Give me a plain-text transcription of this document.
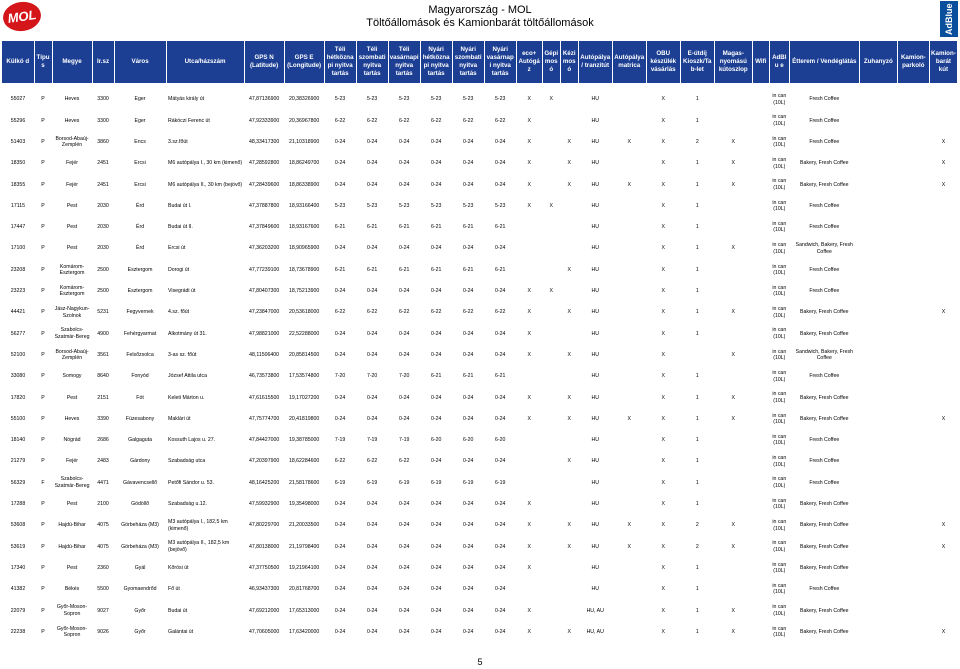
MOL	Magyarország - MOL
Töltőállomások és Kamionbarát töltőállomások	AdBlue
Külkö d	Típus	Megye	Ir.sz	Város	Utca/házszám	GPS N (Latitude)	GPS E (Longitude)	Téli hétköznapi nyitva tartás	Téli szombati nyitva tartás	Téli vasárnapi nyitva tartás	Nyári hétköznapi nyitva tartás	Nyári szombati nyitva tartás	Nyári vasárnap i nyitva tartás	eco+ Autógáz	Gépi mos ó	Kézi mos ó	Autópálya / tranzitút	Autópálya matrica	OBU készülék vásárlás	E-útdíj Kioszk/Ta b-let	Magas-nyomású kútoszlop	Wifi	AdBlu e	Étterem / Vendéglátás	Zuhanyzó	Kamion-parkoló	Kamion-barát kút

55027	P	Heves	3300	Eger	Mátyás király út	47,87136900	20,38326900	5-23	5-23	5-23	5-23	5-23	5-23	X	X		HU		X	1			in can (10L)	Fresh Coffee			
55296	P	Heves	3300	Eger	Rákóczi Ferenc út	47,92333900	20,36967800	6-22	6-22	6-22	6-22	6-22	6-22	X			HU		X	1			in can (10L)	Fresh Coffee			
51403	P	Borsod-Abaúj-Zemplén	3860	Encs	3.sz.főút	48,33417300	21,10318900	0-24	0-24	0-24	0-24	0-24	0-24	X		X	HU	X	X	2	X		in can (10L)	Fresh Coffee			X
18350	P	Fejér	2451	Ercsi	M6 autópálya I., 30 km (kimenő)	47,28592800	18,86249700	0-24	0-24	0-24	0-24	0-24	0-24	X		X	HU		X	1	X		in can (10L)	Bakery, Fresh Coffee			X
18355	P	Fejér	2451	Ercsi	M6 autópálya II., 30 km (bejövő)	47,28439600	18,86338900	0-24	0-24	0-24	0-24	0-24	0-24	X		X	HU	X	X	1	X		in can (10L)	Bakery, Fresh Coffee			X
17115	P	Pest	2030	Érd	Budai út I.	47,37887800	18,93166400	5-23	5-23	5-23	5-23	5-23	5-23	X	X		HU		X	1			in can (10L)	Fresh Coffee			
17447	P	Pest	2030	Érd	Budai út II.	47,37849600	18,93167600	6-21	6-21	6-21	6-21	6-21	6-21				HU		X	1			in can (10L)	Fresh Coffee			
17100	P	Pest	2030	Érd	Ercsi út	47,36203200	18,90965900	0-24	0-24	0-24	0-24	0-24	0-24				HU		X	1	X		in can (10L)	Sandwich, Bakery, Fresh Coffee			
23208	P	Komárom-Esztergom	2500	Esztergom	Dorogi út	47,77239100	18,73678900	6-21	6-21	6-21	6-21	6-21	6-21			X	HU		X	1			in can (10L)	Fresh Coffee			
23223	P	Komárom-Esztergom	2500	Esztergom	Visegrádi út	47,80407300	18,75213900	0-24	0-24	0-24	0-24	0-24	0-24	X	X		HU		X	1			in can (10L)	Fresh Coffee			
44421	P	Jász-Nagykun-Szolnok	5231	Fegyvernek	4.sz. főút	47,23847000	20,53618000	6-22	6-22	6-22	6-22	6-22	6-22	X		X	HU		X	1	X		in can (10L)	Bakery, Fresh Coffee			X
56277	P	Szabolcs-Szatmár-Bereg	4900	Fehérgyarmat	Alkotmány út 31.	47,98821000	22,52288000	0-24	0-24	0-24	0-24	0-24	0-24	X			HU		X	1			in can (10L)	Bakery, Fresh Coffee			
52100	P	Borsod-Abaúj-Zemplén	3561	Felsőzsolca	3-as sz. főút	48,11506400	20,85814500	0-24	0-24	0-24	0-24	0-24	0-24	X		X	HU		X		X		in can (10L)	Sandwich, Bakery, Fresh Coffee			
33080	P	Somogy	8640	Fonyód	József Attila utca	46,73573800	17,53574800	7-20	7-20	7-20	6-21	6-21	6-21				HU		X	1			in can (10L)	Fresh Coffee			
17820	P	Pest	2151	Fót	Keleti Márton u.	47,61615500	19,17027200	0-24	0-24	0-24	0-24	0-24	0-24	X		X	HU		X	1	X		in can (10L)	Bakery, Fresh Coffee			
55100	P	Heves	3390	Füzesabony	Maklári út	47,75774700	20,41819800	0-24	0-24	0-24	0-24	0-24	0-24	X		X	HU	X	X	1	X		in can (10L)	Bakery, Fresh Coffee			X
18140	P	Nógrád	2686	Galgaguta	Kossuth Lajos u. 27.	47,84427000	19,38785000	7-19	7-19	7-19	6-20	6-20	6-20				HU		X	1			in can (10L)	Fresh Coffee			
21279	P	Fejér	2483	Gárdony	Szabadság utca	47,20397900	18,62284600	6-22	6-22	6-22	0-24	0-24	0-24			X	HU		X	1			in can (10L)	Fresh Coffee			
56329	F	Szabolcs-Szatmár-Bereg	4471	Gávavencsellő	Petőfi Sándor u. 53.	48,16425200	21,58178600	6-19	6-19	6-19	6-19	6-19	6-19				HU		X	1			in can (10L)	Fresh Coffee			
17288	P	Pest	2100	Gödöllő	Szabadság u.12.	47,59932900	19,35498000	0-24	0-24	0-24	0-24	0-24	0-24	X			HU		X	1			in can (10L)	Bakery, Fresh Coffee			
53608	P	Hajdú-Bihar	4075	Görbeháza (M3)	M3 autópálya I., 182,5 km (kimenő)	47,80229700	21,20033500	0-24	0-24	0-24	0-24	0-24	0-24	X		X	HU	X	X	2	X		in can (10L)	Bakery, Fresh Coffee			X
53619	P	Hajdú-Bihar	4075	Görbeháza (M3)	M3 autópálya II., 182,5 km (bejövő)	47,80138000	21,19798400	0-24	0-24	0-24	0-24	0-24	0-24	X		X	HU	X	X	2	X		in can (10L)	Bakery, Fresh Coffee			X
17340	P	Pest	2360	Gyál	Kőrösi út	47,37750500	19,21964100	0-24	0-24	0-24	0-24	0-24	0-24	X			HU		X	1			in can (10L)	Bakery, Fresh Coffee			
41382	P	Békés	5500	Gyomaendrőd	Fő út	46,93437300	20,81768700	0-24	0-24	0-24	0-24	0-24	0-24				HU		X	1			in can (10L)	Fresh Coffee			
22079	P	Győr-Moson-Sopron	9027	Győr	Budai út	47,69212000	17,65313000	0-24	0-24	0-24	0-24	0-24	0-24	X			HU, AU		X	1	X		in can (10L)	Bakery, Fresh Coffee			
22238	P	Győr-Moson-Sopron	9026	Győr	Galántai út	47,70605000	17,63420000	0-24	0-24	0-24	0-24	0-24	0-24	X		X	HU, AU		X	1	X		in can (10L)	Bakery, Fresh Coffee			X
5
